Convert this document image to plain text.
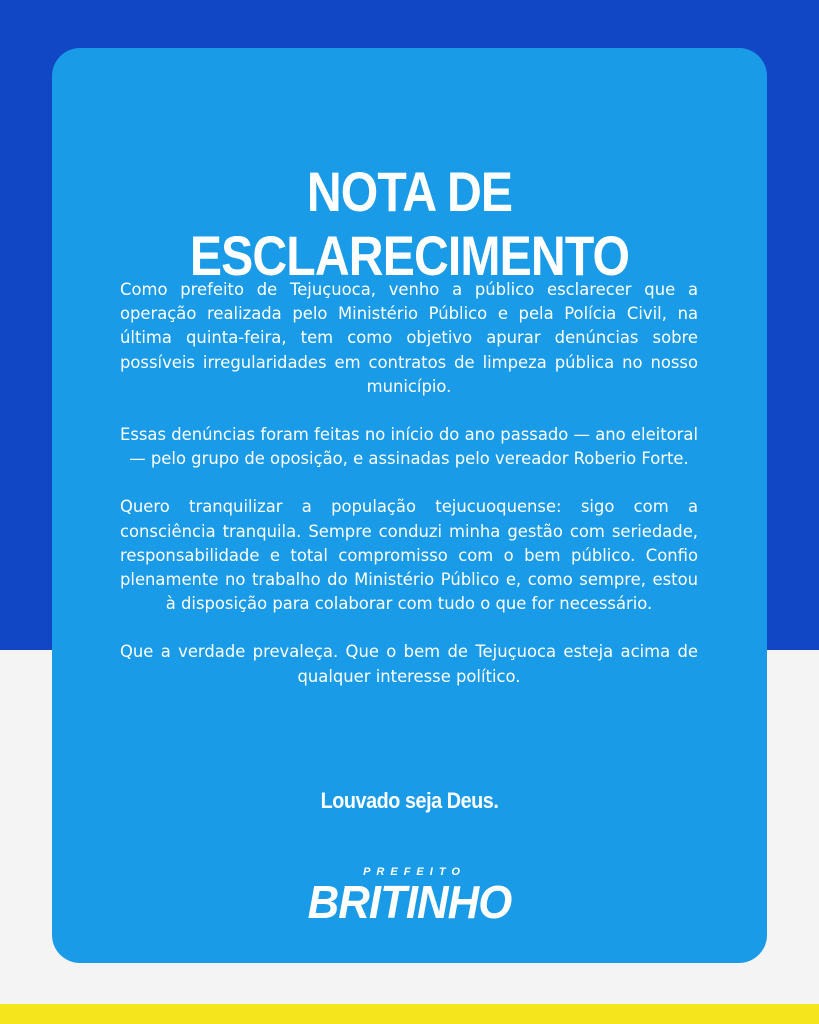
NOTA DE
ESCLARECIMENTO

Como prefeito de Tejuçuoca, venho a público esclarecer que a operação realizada pelo Ministério Público e pela Polícia Civil, na última quinta-feira, tem como objetivo apurar denúncias sobre possíveis irregularidades em contratos de limpeza pública no nosso município.

Essas denúncias foram feitas no início do ano passado — ano eleitoral — pelo grupo de oposição, e assinadas pelo vereador Roberio Forte.

Quero tranquilizar a população tejucuoquense: sigo com a consciência tranquila. Sempre conduzi minha gestão com seriedade, responsabilidade e total compromisso com o bem público. Confio plenamente no trabalho do Ministério Público e, como sempre, estou à disposição para colaborar com tudo o que for necessário.

Que a verdade prevaleça. Que o bem de Tejuçuoca esteja acima de qualquer interesse político.

Louvado seja Deus.
PREFEITO
BRITINHO
